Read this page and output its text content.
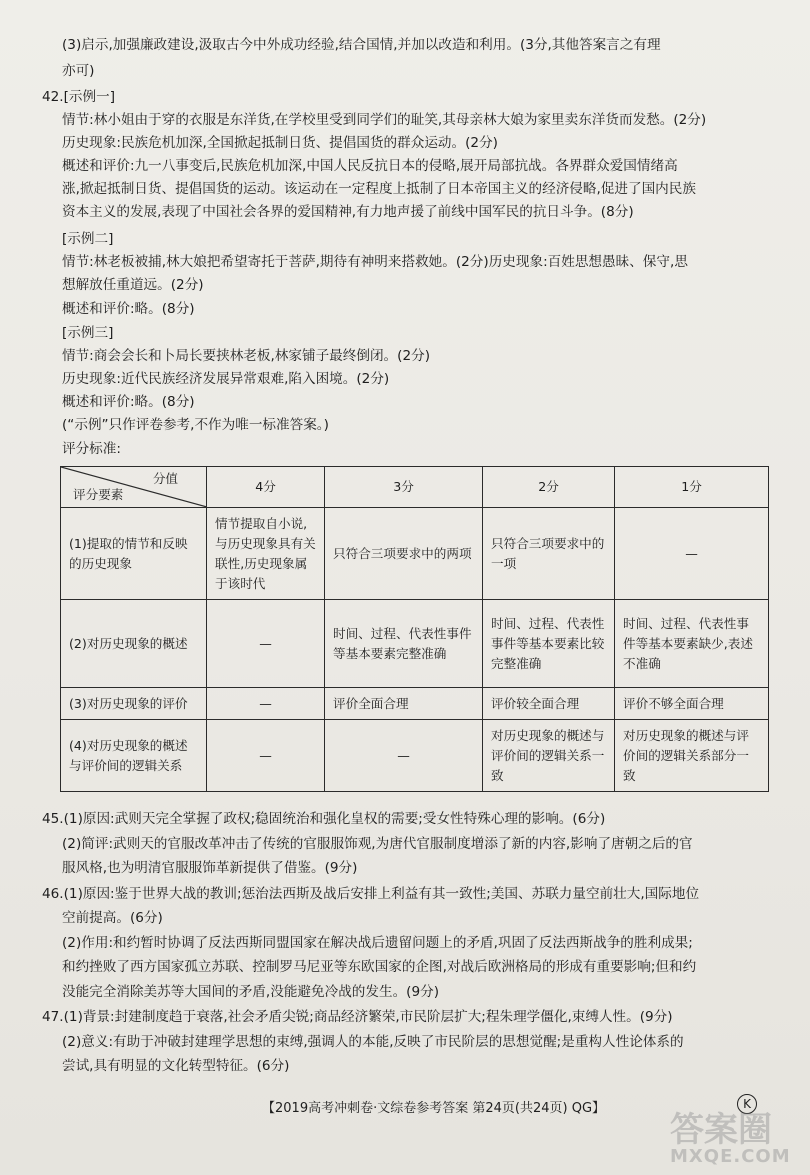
(3)启示,加强廉政建设,汲取古今中外成功经验,结合国情,并加以改造和利用。(3分,其他答案言之有理
亦可)
42.[示例一]
情节:林小姐由于穿的衣服是东洋货,在学校里受到同学们的耻笑,其母亲林大娘为家里卖东洋货而发愁。(2分)
历史现象:民族危机加深,全国掀起抵制日货、提倡国货的群众运动。(2分)
概述和评价:九一八事变后,民族危机加深,中国人民反抗日本的侵略,展开局部抗战。各界群众爱国情绪高
涨,掀起抵制日货、提倡国货的运动。该运动在一定程度上抵制了日本帝国主义的经济侵略,促进了国内民族
资本主义的发展,表现了中国社会各界的爱国精神,有力地声援了前线中国军民的抗日斗争。(8分)
[示例二]
情节:林老板被捕,林大娘把希望寄托于菩萨,期待有神明来搭救她。(2分)历史现象:百姓思想愚昧、保守,思
想解放任重道远。(2分)
概述和评价:略。(8分)
[示例三]
情节:商会会长和卜局长要挟林老板,林家铺子最终倒闭。(2分)
历史现象:近代民族经济发展异常艰难,陷入困境。(2分)
概述和评价:略。(8分)
(“示例”只作评卷参考,不作为唯一标准答案。)
评分标准:
分值
评分要素	4分	3分	2分	1分
(1)提取的情节和反映的历史现象	情节提取自小说,与历史现象具有关联性,历史现象属于该时代	只符合三项要求中的两项	只符合三项要求中的一项	—
(2)对历史现象的概述	—	时间、过程、代表性事件等基本要素完整准确	时间、过程、代表性事件等基本要素比较完整准确	时间、过程、代表性事件等基本要素缺少,表述不准确
(3)对历史现象的评价	—	评价全面合理	评价较全面合理	评价不够全面合理
(4)对历史现象的概述与评价间的逻辑关系	—	—	对历史现象的概述与评价间的逻辑关系一致	对历史现象的概述与评价间的逻辑关系部分一致
45.(1)原因:武则天完全掌握了政权;稳固统治和强化皇权的需要;受女性特殊心理的影响。(6分)
(2)简评:武则天的官服改革冲击了传统的官服服饰观,为唐代官服制度增添了新的内容,影响了唐朝之后的官
服风格,也为明清官服服饰革新提供了借鉴。(9分)
46.(1)原因:鉴于世界大战的教训;惩治法西斯及战后安排上利益有其一致性;美国、苏联力量空前壮大,国际地位
空前提高。(6分)
(2)作用:和约暂时协调了反法西斯同盟国家在解决战后遗留问题上的矛盾,巩固了反法西斯战争的胜利成果;
和约挫败了西方国家孤立苏联、控制罗马尼亚等东欧国家的企图,对战后欧洲格局的形成有重要影响;但和约
没能完全消除美苏等大国间的矛盾,没能避免冷战的发生。(9分)
47.(1)背景:封建制度趋于衰落,社会矛盾尖锐;商品经济繁荣,市民阶层扩大;程朱理学僵化,束缚人性。(9分)
(2)意义:有助于冲破封建理学思想的束缚,强调人的本能,反映了市民阶层的思想觉醒;是重构人性论体系的
尝试,具有明显的文化转型特征。(6分)
【2019高考冲刺卷·文综卷参考答案 第24页(共24页) QG】	K
答案圈
MXQE.COM
